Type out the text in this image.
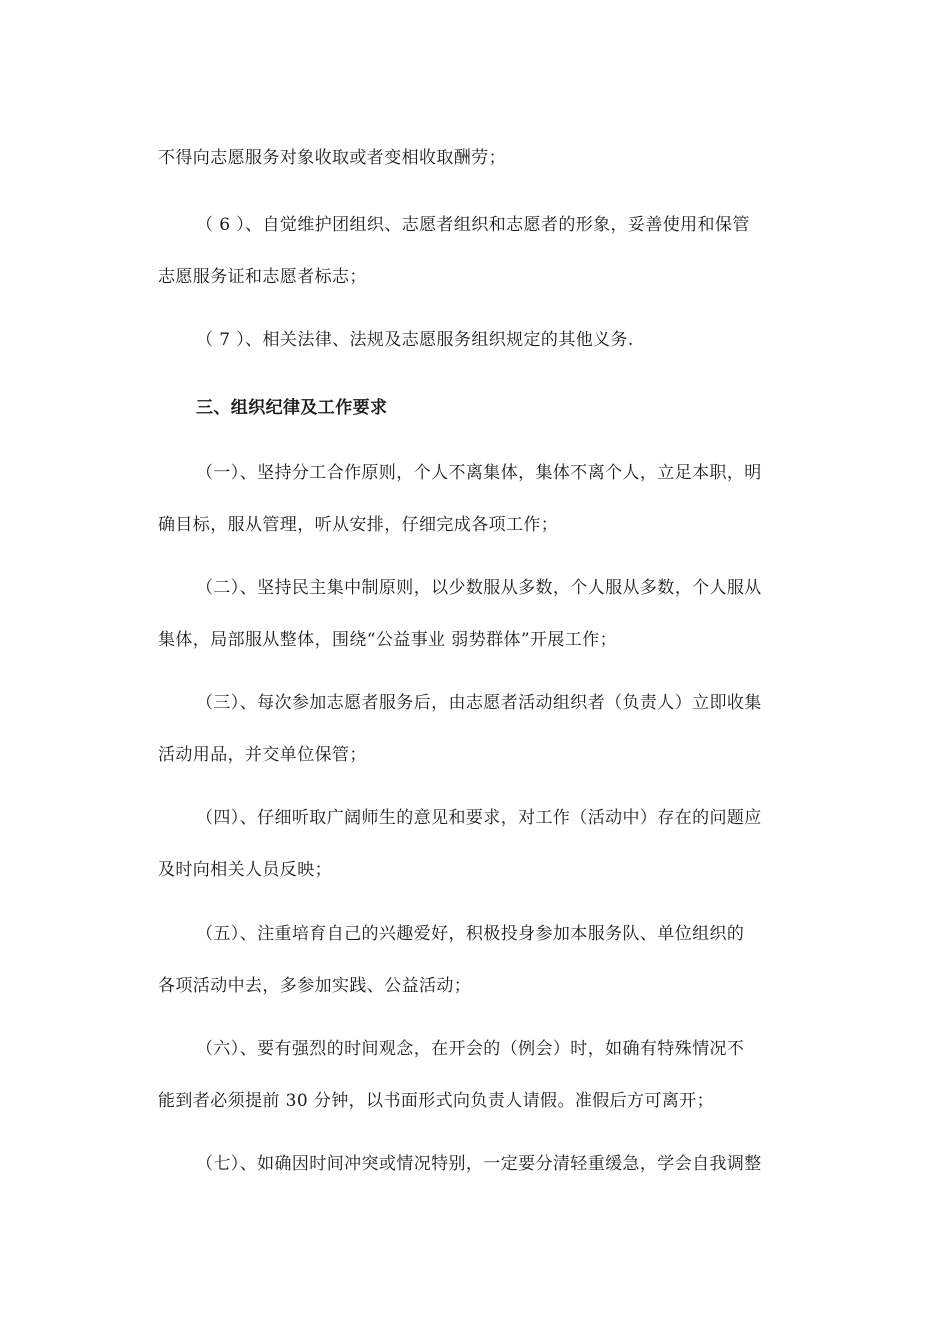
不得向志愿服务对象收取或者变相收取酬劳；
（ 6 ）、自觉维护团组织、志愿者组织和志愿者的形象，妥善使用和保管
志愿服务证和志愿者标志；
（ 7 ）、相关法律、法规及志愿服务组织规定的其他义务.
三、组织纪律及工作要求
（一）、坚持分工合作原则，个人不离集体，集体不离个人，立足本职，明
确目标，服从管理，听从安排，仔细完成各项工作；
（二）、坚持民主集中制原则，以少数服从多数，个人服从多数，个人服从
集体，局部服从整体，围绕“公益事业 弱势群体”开展工作；
（三）、每次参加志愿者服务后，由志愿者活动组织者（负责人）立即收集
活动用品，并交单位保管；
（四）、仔细听取广阔师生的意见和要求，对工作（活动中）存在的问题应
及时向相关人员反映；
（五）、注重培育自己的兴趣爱好，积极投身参加本服务队、单位组织的
各项活动中去，多参加实践、公益活动；
（六）、要有强烈的时间观念，在开会的（例会）时，如确有特殊情况不
能到者必须提前 30 分钟，以书面形式向负责人请假。准假后方可离开；
（七）、如确因时间冲突或情况特别，一定要分清轻重缓急，学会自我调整
